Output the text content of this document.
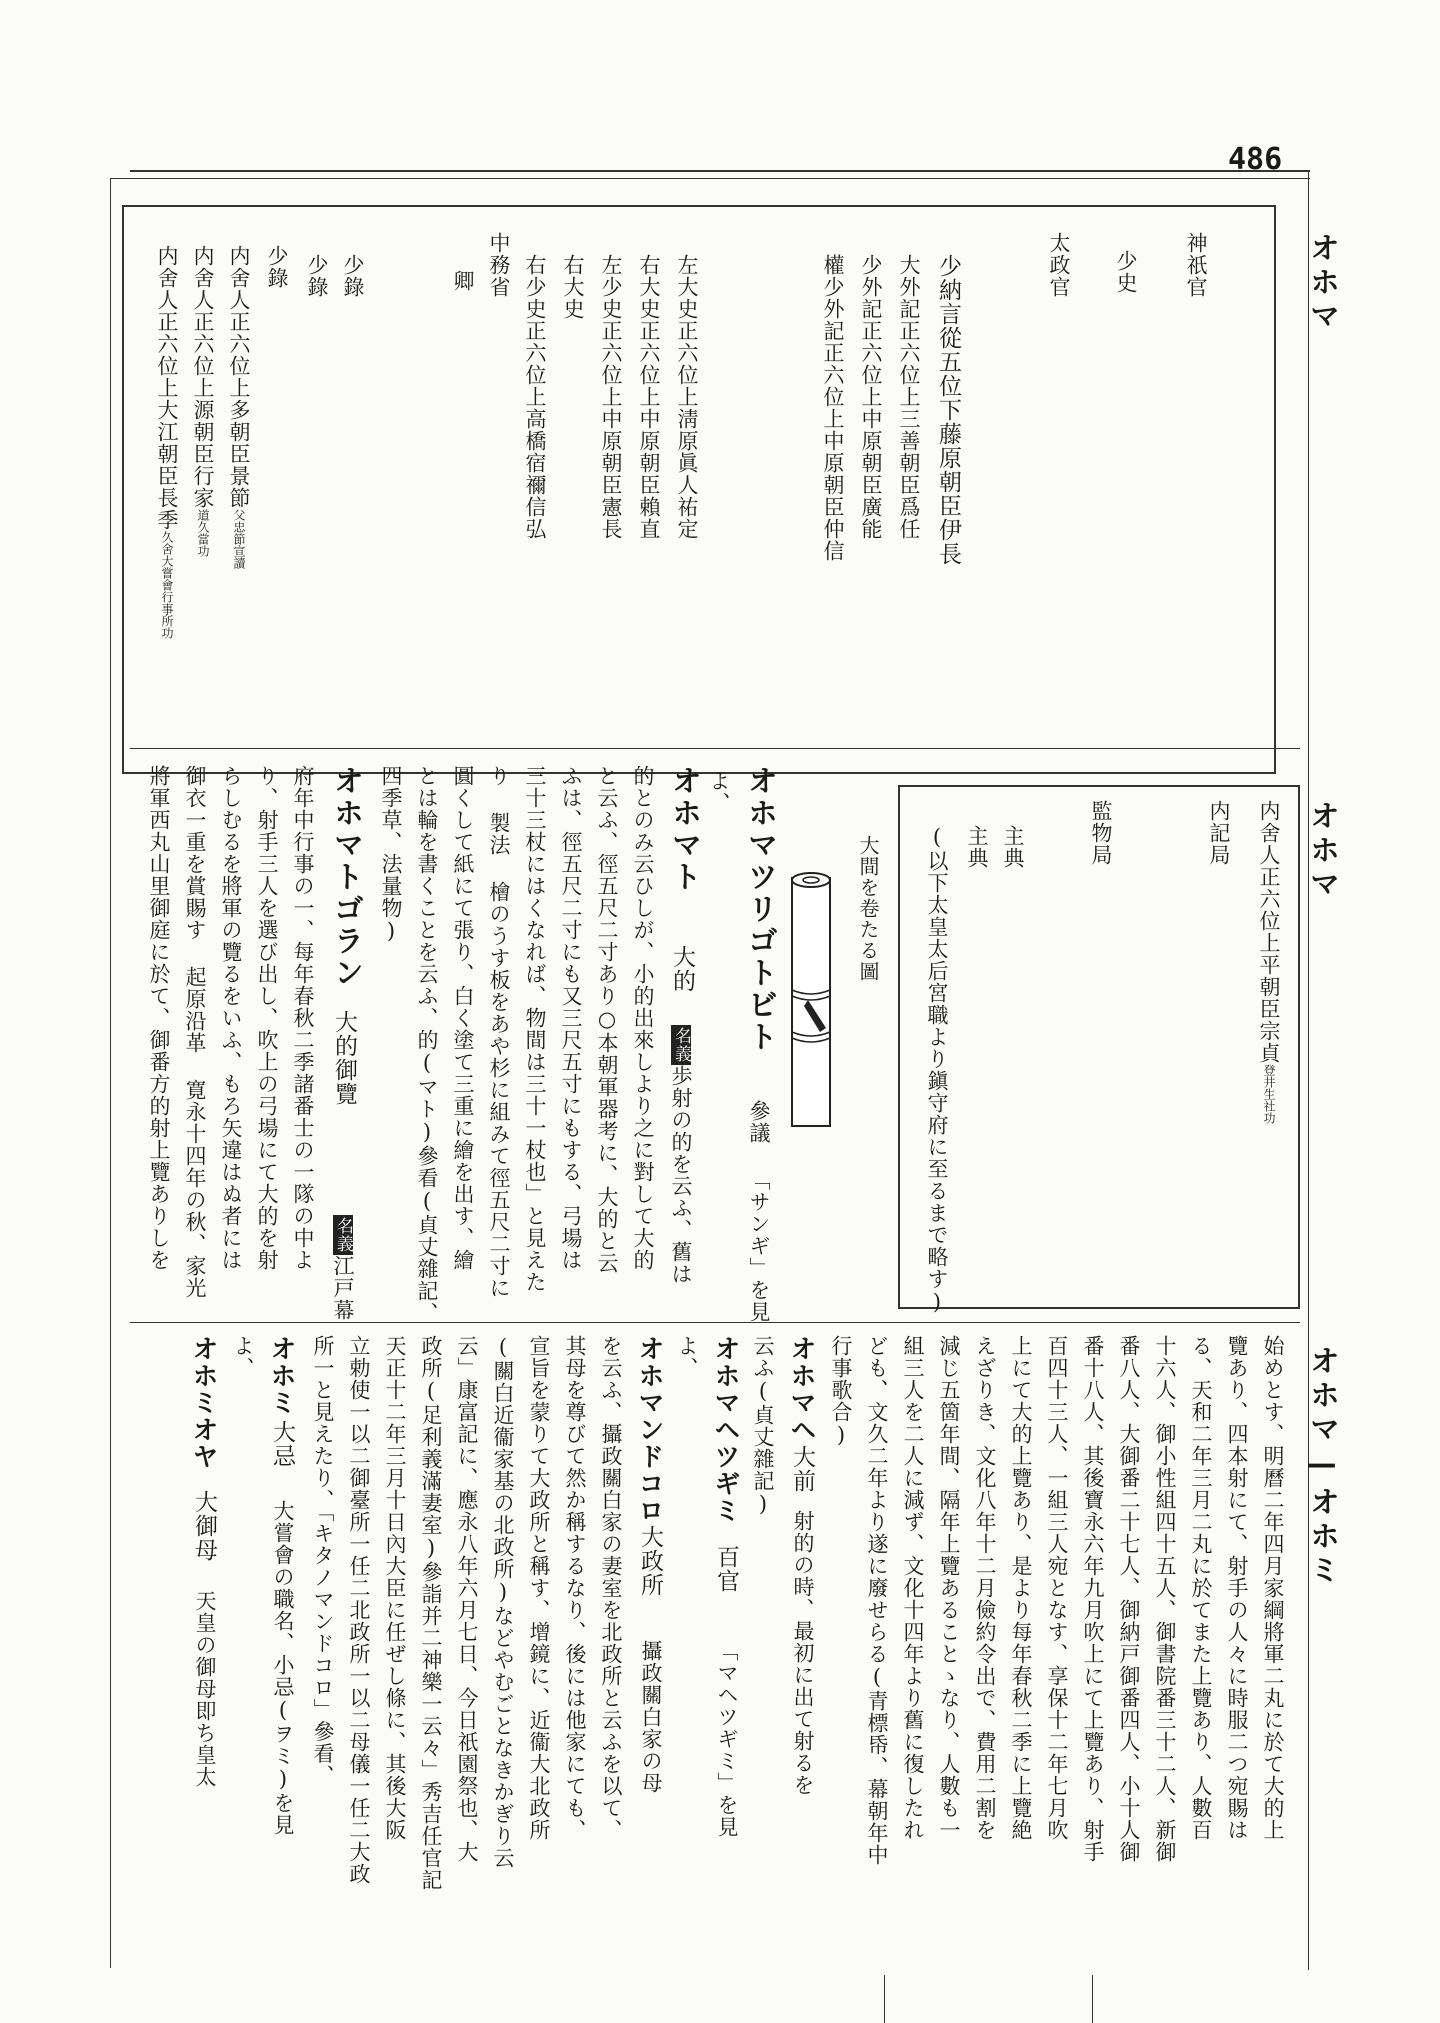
486
オホマ
オホマ
オホマ—オホミ
神祇官
少史
太政官
少納言從五位下藤原朝臣伊長
大外記正六位上三善朝臣爲任
少外記正六位上中原朝臣廣能
權少外記正六位上中原朝臣仲信
左大史正六位上淸原眞人祐定
右大史正六位上中原朝臣賴直
左少史正六位上中原朝臣憲長
右大史
右少史正六位上高橋宿禰信弘
中務省
卿
少錄
少錄
少錄
内舍人正六位上多朝臣景節父忠節宣讀
内舍人正六位上源朝臣行家道久當功
内舍人正六位上大江朝臣長季久舍大嘗會行事所功
内舍人正六位上平朝臣宗貞登井生社功
内記局
監物局
主典
主典
(以下太皇太后宮職より鎭守府に至るまで略す)
大間を卷たる圖
オホマツリゴトビト
參議 「サンギ」を見
よ、
オホマト
大的
名義歩射の的を云ふ、舊は
的とのみ云ひしが、小的出來しより之に對して大的
と云ふ、徑五尺二寸あり○本朝軍器考に、大的と云
ふは、徑五尺二寸にも又三尺五寸にもする、弓場は
三十三杖にはくなれば、物間は三十一杖也」と見えた
り 製法 檜のうす板をあや杉に組みて徑五尺二寸に
圓くして紙にて張り、白く塗て三重に繪を出す、繪
とは輪を書くことを云ふ、的(マト)參看(貞丈雜記、
四季草、法量物)
オホマトゴラン
大的御覽
名義江戸幕
府年中行事の一、每年春秋二季諸番士の一隊の中よ
り、射手三人を選び出し、吹上の弓場にて大的を射
らしむるを將軍の覽るをいふ、もろ矢違はぬ者には
御衣一重を賞賜す 起原沿革 寛永十四年の秋、家光
將軍西丸山里御庭に於て、御番方的射上覽ありしを
始めとす、明曆二年四月家綱將軍二丸に於て大的上
覽あり、四本射にて、射手の人々に時服二つ宛賜は
る、天和二年三月二丸に於てまた上覽あり、人數百
十六人、御小性組四十五人、御書院番三十二人、新御
番八人、大御番二十七人、御納戸御番四人、小十人御
番十八人、其後寶永六年九月吹上にて上覽あり、射手
百四十三人、一組三人宛となす、享保十二年七月吹
上にて大的上覽あり、是より每年春秋二季に上覽絶
えざりき、文化八年十二月儉約令出で、費用二割を
減じ五箇年間、隔年上覽あることゝなり、人數も一
組三人を二人に減ず、文化十四年より舊に復したれ
ども、文久二年より遂に廢せらる(青標帋、幕朝年中
行事歌合)
オホマヘ
大前
射的の時、最初に出て射るを
云ふ(貞丈雜記)
オホマヘツギミ
百官
「マヘツギミ」を見
よ、
オホマンドコロ
大政所
攝政關白家の母
を云ふ、攝政關白家の妻室を北政所と云ふを以て、
其母を尊びて然か稱するなり、後には他家にても、
宣旨を蒙りて大政所と稱す、增鏡に、近衞大北政所
(關白近衞家基の北政所)などやむごとなきかぎり云
云」康富記に、應永八年六月七日、今日祇園祭也、大
政所(足利義滿妻室)參詣并二神樂一云々」秀吉任官記
天正十二年三月十日內大臣に任ぜし條に、其後大阪
立勅使一以二御臺所一任二北政所一以二母儀一任二大政
所一と見えたり、「キタノマンドコロ」參看、
オホミ
大忌
大嘗會の職名、小忌(ヲミ)を見
よ、
オホミオヤ
大御母
天皇の御母即ち皇太
